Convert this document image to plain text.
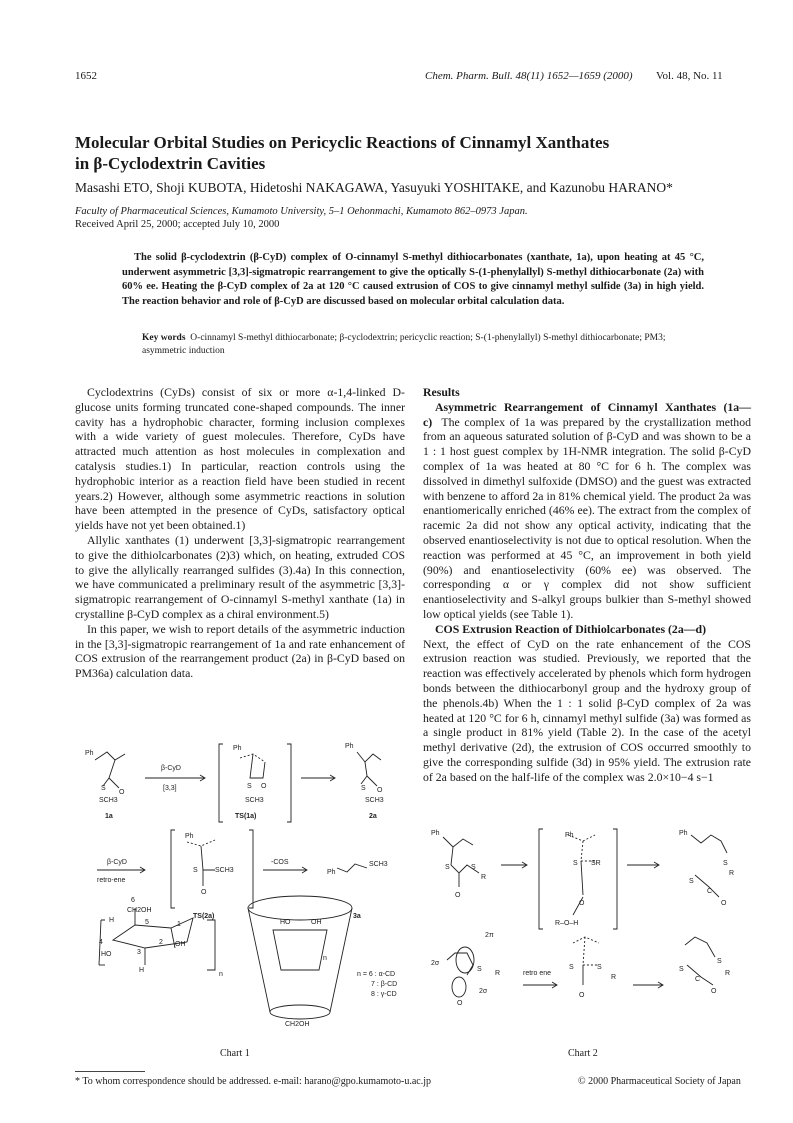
1652	Chem. Pharm. Bull. 48(11) 1652—1659 (2000) Vol. 48, No. 11
Molecular Orbital Studies on Pericyclic Reactions of Cinnamyl Xanthates
in β-Cyclodextrin Cavities
Masashi ETO, Shoji KUBOTA, Hidetoshi NAKAGAWA, Yasuyuki YOSHITAKE, and Kazunobu HARANO*
Faculty of Pharmaceutical Sciences, Kumamoto University, 5–1 Oehonmachi, Kumamoto 862–0973 Japan.
Received April 25, 2000; accepted July 10, 2000
The solid β-cyclodextrin (β-CyD) complex of O-cinnamyl S-methyl dithiocarbonates (xanthate, 1a), upon heating at 45 °C, underwent asymmetric [3,3]-sigmatropic rearrangement to give the optically S-(1-phenylallyl) S-methyl dithiocarbonate (2a) with 60% ee. Heating the β-CyD complex of 2a at 120 °C caused extrusion of COS to give cinnamyl methyl sulfide (3a) in high yield. The reaction behavior and role of β-CyD are discussed based on molecular orbital calculation data.
Key words O-cinnamyl S-methyl dithiocarbonate; β-cyclodextrin; pericyclic reaction; S-(1-phenylallyl) S-methyl dithiocarbonate; PM3; asymmetric induction

Cyclodextrins (CyDs) consist of six or more α-1,4-linked D-glucose units forming truncated cone-shaped compounds. The inner cavity has a hydrophobic character, forming inclusion complexes with a wide variety of guest molecules. Therefore, CyDs have attracted much attention as host molecules in complexation and catalysis studies.1) In particular, reaction controls using the hydrophobic interior as a reaction field have been studied in recent years.2) However, although some asymmetric reactions in solution have been attempted in the presence of CyDs, satisfactory optical yields have not yet been obtained.1)

Allylic xanthates (1) underwent [3,3]-sigmatropic rearrangement to give the dithiolcarbonates (2)3) which, on heating, extruded COS to give the allylically rearranged sulfides (3).4a) In this connection, we have communicated a preliminary result of the asymmetric [3,3]-sigmatropic rearrangement of O-cinnamyl S-methyl xanthate (1a) in crystalline β-CyD complex as a chiral environment.5)

In this paper, we wish to report details of the asymmetric induction in the [3,3]-sigmatropic rearrangement of 1a and rate enhancement of COS extrusion of the rearrangement product (2a) in β-CyD based on PM36a) calculation data.

Results

Asymmetric Rearrangement of Cinnamyl Xanthates (1a—c) The complex of 1a was prepared by the crystallization method from an aqueous saturated solution of β-CyD and was shown to be a 1 : 1 host guest complex by 1H-NMR integration. The solid β-CyD complex of 1a was heated at 80 °C for 6 h. The complex was dissolved in dimethyl sulfoxide (DMSO) and the guest was extracted with benzene to afford 2a in 81% chemical yield. The product 2a was enantiomerically enriched (46% ee). The extract from the complex of racemic 2a did not show any optical activity, indicating that the observed enantioselectivity is not due to optical resolution. When the reaction was performed at 45 °C, an improvement in both yield (90%) and enantioselectivity (60% ee) was observed. The corresponding α or γ complex did not show sufficient enantioselectivity and S-alkyl groups bulkier than S-methyl showed low optical yields (see Table 1).

COS Extrusion Reaction of Dithiolcarbonates (2a—d)

Next, the effect of CyD on the rate enhancement of the COS extrusion reaction was studied. Previously, we reported that the reaction was effectively accelerated by phenols which form hydrogen bonds between the dithiocarbonyl group and the hydroxy group of the phenols.4b) When the 1 : 1 solid β-CyD complex of 2a was heated at 120 °C for 6 h, cinnamyl methyl sulfide (3a) was formed as a single product in 81% yield (Table 2). In the case of the acetyl methyl derivative (2d), the extrusion of COS occurred smoothly to give the corresponding sulfide (3d) in 95% yield. The extrusion rate of 2a based on the half-life of the complex was 2.0×10−4 s−1

Ph
S
O
SCH3
1a
β-CyD
[3,3]
Ph
S O
SCH3
TS(1a)
Ph
S O
SCH3
2a
β-CyD
retro-ene
Ph
S SCH3
O
TS(2a)
-COS
Ph
SCH3
3a
6
CH2OH
H	5	1
4	2 OH
HO	3
H
n
HO	OH
n
CH2OH
n = 6 : α-CD
7 : β-CD
8 : γ-CD
Chart 1
Ph
S	S
R
O
Ph
S SR
O
R–O–H
Ph
S
R
S
C
O
2π
2σ
S
R
2σ
O
retro ene
S	S
R
O
S
R
S
C
O
Chart 2
* To whom correspondence should be addressed. e-mail: harano@gpo.kumamoto-u.ac.jp	© 2000 Pharmaceutical Society of Japan
